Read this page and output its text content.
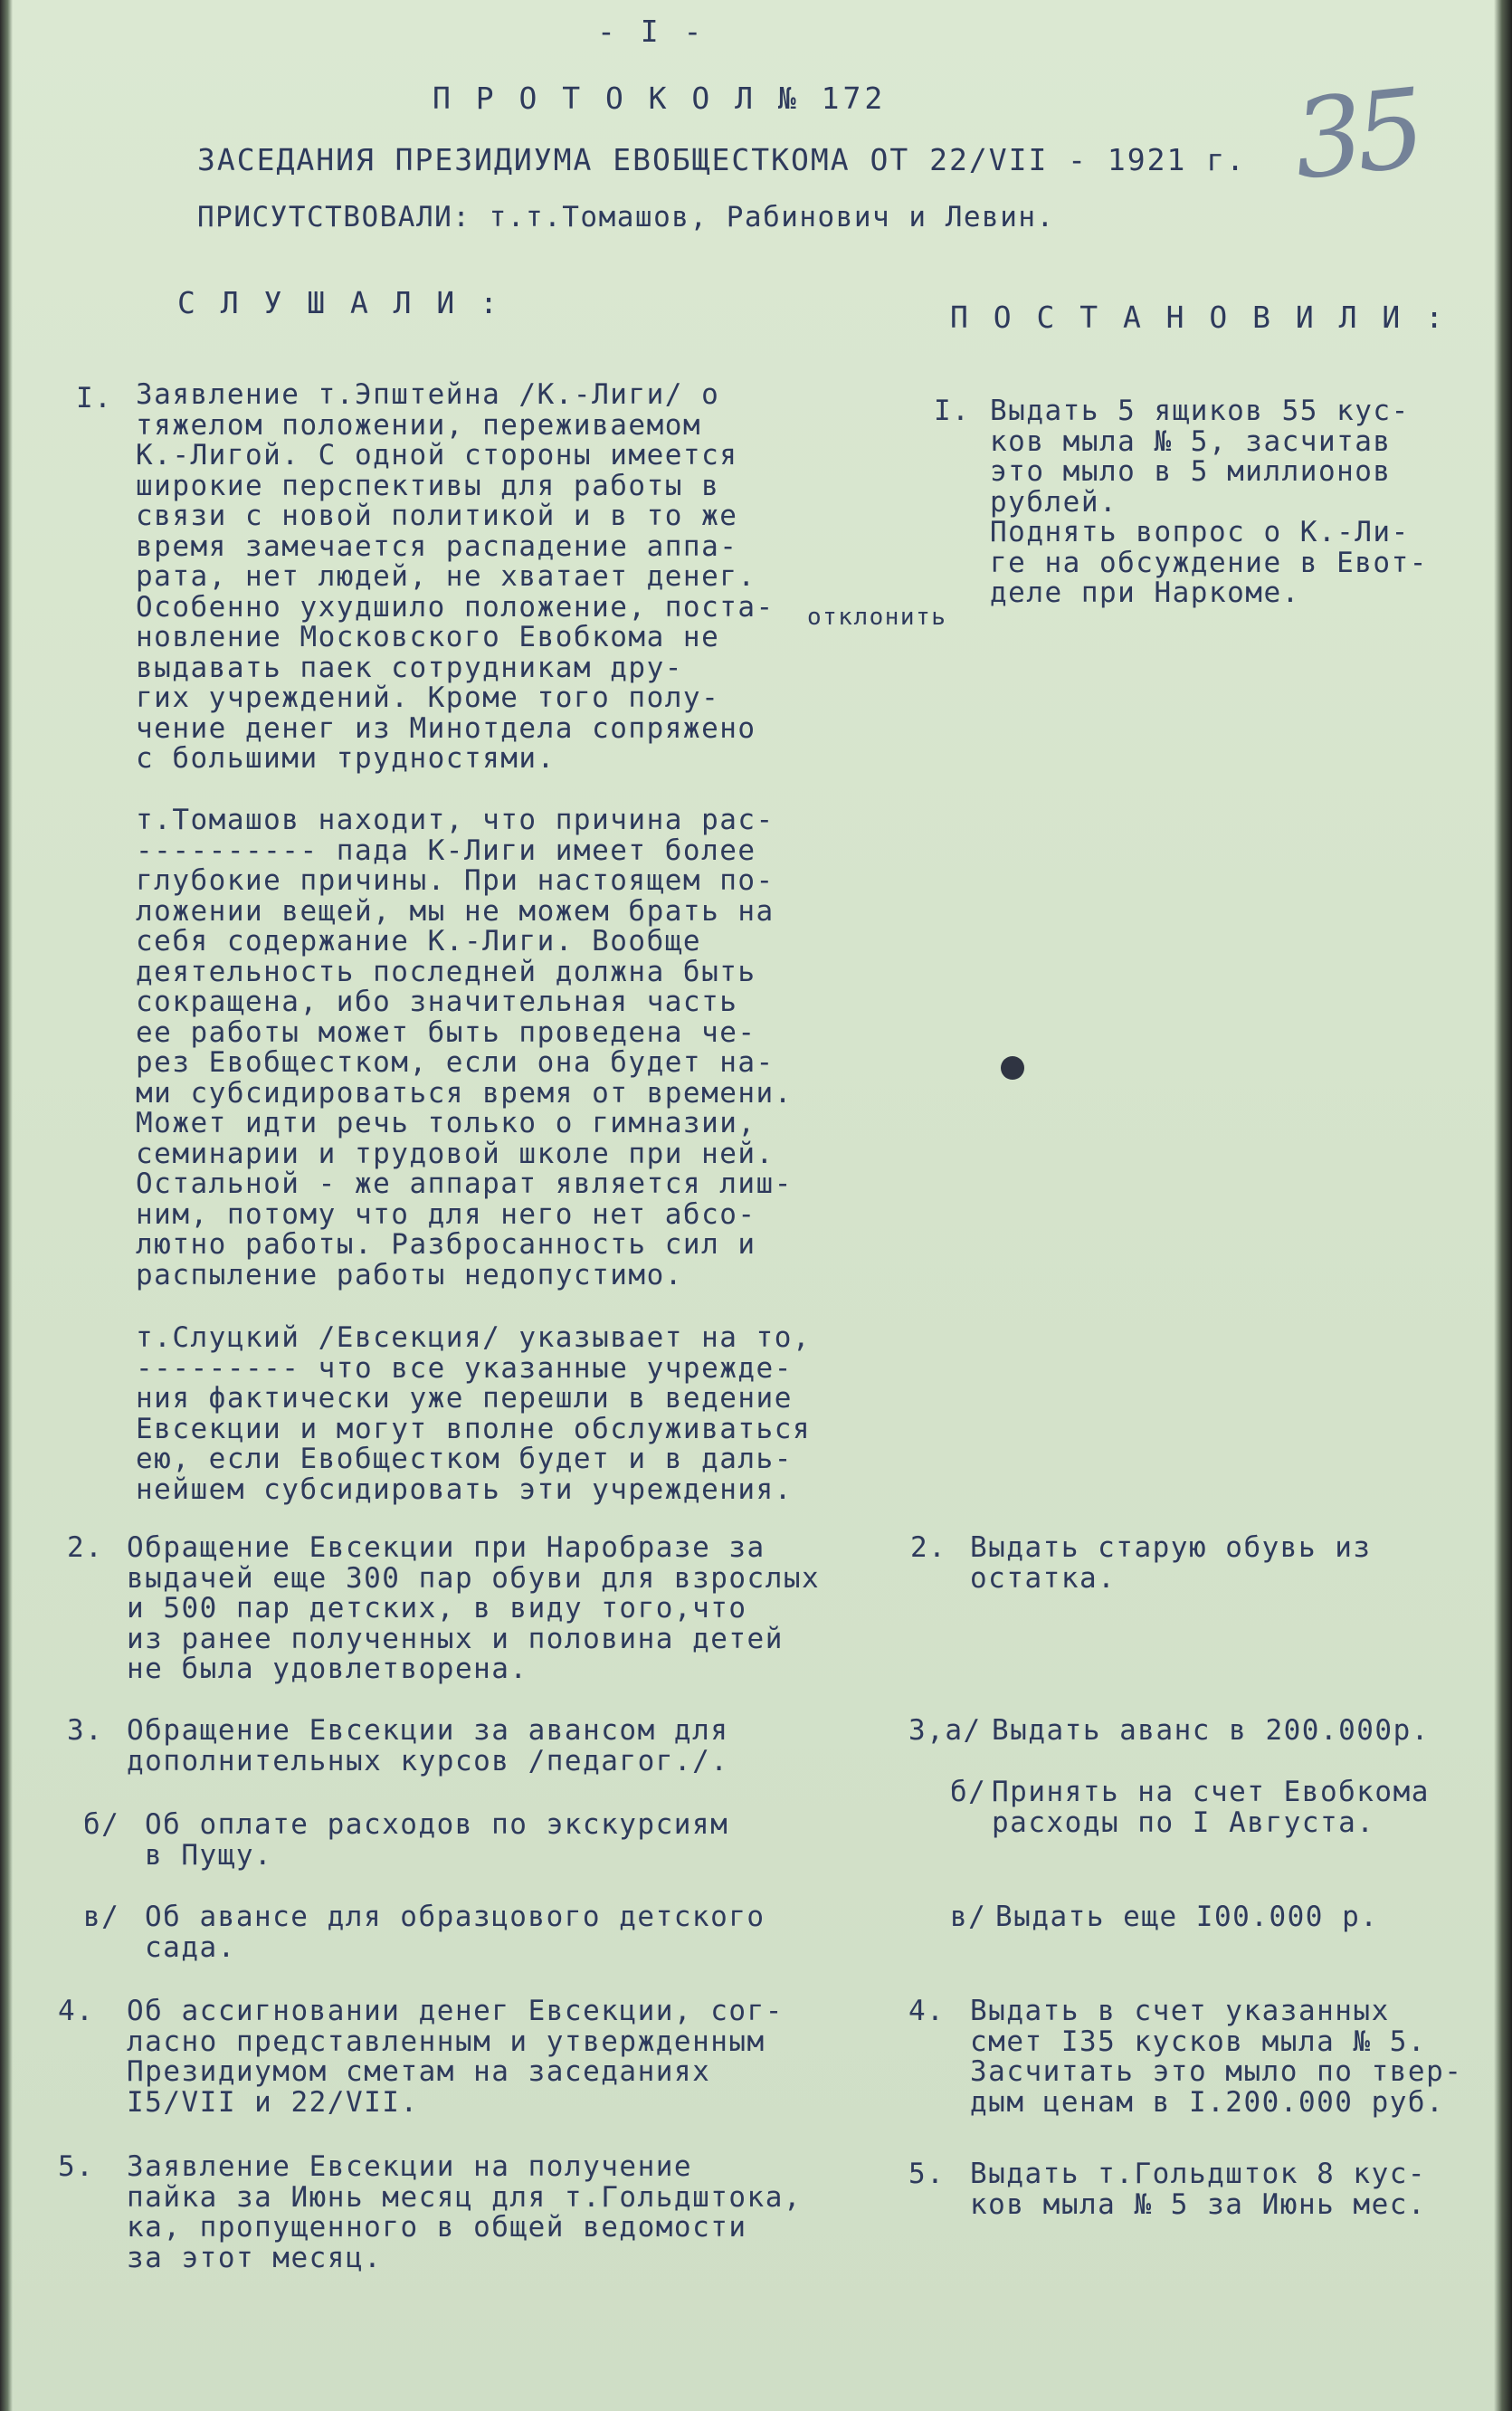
- I -
35
П Р О Т О К О Л № 172
ЗАСЕДАНИЯ ПРЕЗИДИУМА ЕВОБЩЕСТКОМА ОТ 22/VII - 1921 г.
ПРИСУТСТВОВАЛИ: т.т.Томашов, Рабинович и Левин.
С Л У Ш А Л И :	П О С Т А Н О В И Л И :
I. Заявление т.Эпштейна /К.-Лиги/ о
тяжелом положении, переживаемом
К.-Лигой. С одной стороны имеется
широкие перспективы для работы в
связи с новой политикой и в то же
время замечается распадение аппа-
рата, нет людей, не хватает денег.
Особенно ухудшило положение, поста-
новление Московского Евобкома не
выдавать паек сотрудникам дру-
гих учреждений. Кроме того полу-
чение денег из Минотдела сопряжено
с большими трудностями.
отклонить
т.Томашов находит, что причина рас-
---------- пада К-Лиги имеет более
глубокие причины. При настоящем по-
ложении вещей, мы не можем брать на
себя содержание К.-Лиги. Вообще
деятельность последней должна быть
сокращена, ибо значительная часть
ее работы может быть проведена че-
рез Евобщестком, если она будет на-
ми субсидироваться время от времени.
Может идти речь только о гимназии,
семинарии и трудовой школе при ней.
Остальной - же аппарат является лиш-
ним, потому что для него нет абсо-
лютно работы. Разбросанность сил и
распыление работы недопустимо.
т.Слуцкий /Евсекция/ указывает на то,
--------- что все указанные учрежде-
ния фактически уже перешли в ведение
Евсекции и могут вполне обслуживаться
ею, если Евобщестком будет и в даль-
нейшем субсидировать эти учреждения.
2. Обращение Евсекции при Наробразе за
выдачей еще 300 пар обуви для взрослых
и 500 пар детских, в виду того,что
из ранее полученных и половина детей
не была удовлетворена.
3. Обращение Евсекции за авансом для
дополнительных курсов /педагог./.
б/ Об оплате расходов по экскурсиям
в Пущу.
в/ Об авансе для образцового детского
сада.
4. Об ассигновании денег Евсекции, сог-
ласно представленным и утвержденным
Президиумом сметам на заседаниях
I5/VII и 22/VII.
5. Заявление Евсекции на получение
пайка за Июнь месяц для т.Гольдштока,
ка, пропущенного в общей ведомости
за этот месяц.
I. Выдать 5 ящиков 55 кус-
ков мыла № 5, засчитав
это мыло в 5 миллионов
рублей.
Поднять вопрос о К.-Ли-
ге на обсуждение в Евот-
деле при Наркоме.
2. Выдать старую обувь из
остатка.
3,а/ Выдать аванс в 200.000р.
б/ Принять на счет Евобкома
расходы по I Августа.
в/ Выдать еще I00.000 р.
4. Выдать в счет указанных
смет I35 кусков мыла № 5.
Засчитать это мыло по твер-
дым ценам в I.200.000 руб.
5. Выдать т.Гольдшток 8 кус-
ков мыла № 5 за Июнь мес.
